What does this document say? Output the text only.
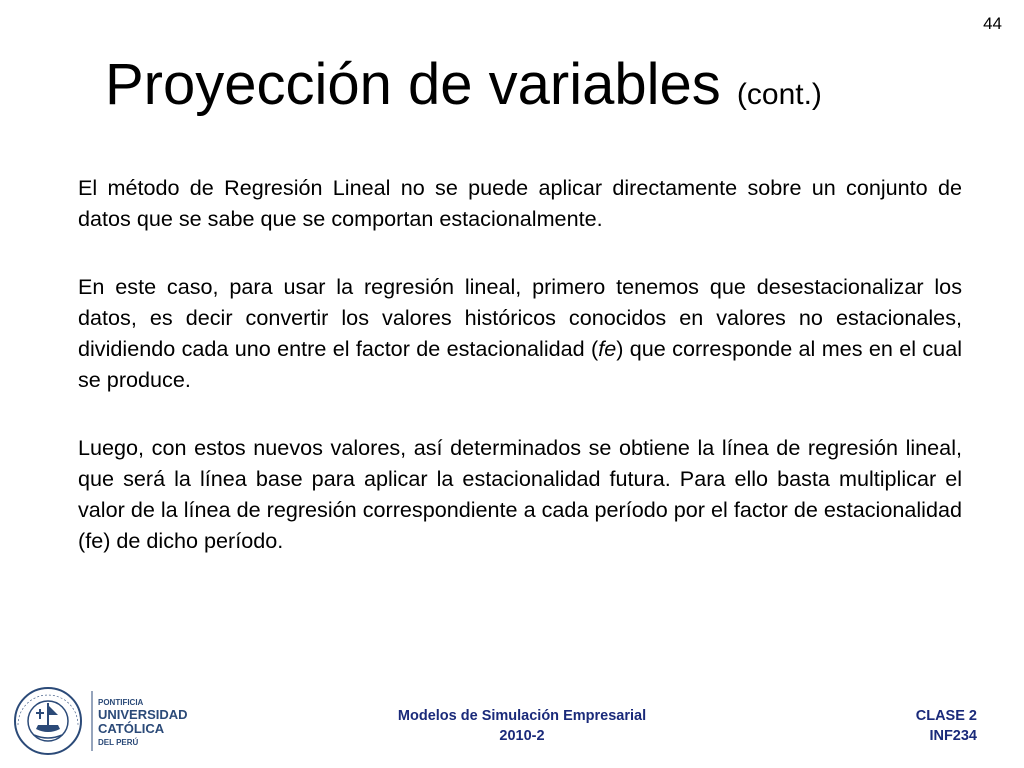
44
Proyección de variables (cont.)

El método de Regresión Lineal no se puede aplicar directamente sobre un conjunto de datos que se sabe que se comportan estacionalmente.

En este caso, para usar la regresión lineal, primero tenemos que desestacionalizar los datos, es decir convertir los valores históricos conocidos en valores no estacionales, dividiendo cada uno entre el factor de estacionalidad (fe) que corresponde al mes en el cual se produce.

Luego, con estos nuevos valores, así determinados se obtiene la línea de regresión lineal, que será la línea base para aplicar la estacionalidad futura. Para ello basta multiplicar el valor de la línea de regresión correspondiente a cada período por el factor de estacionalidad (fe) de dicho período.

PONTIFICIA
UNIVERSIDAD
CATÓLICA
DEL PERÚ
Modelos de Simulación Empresarial
2010-2
CLASE 2
INF234
